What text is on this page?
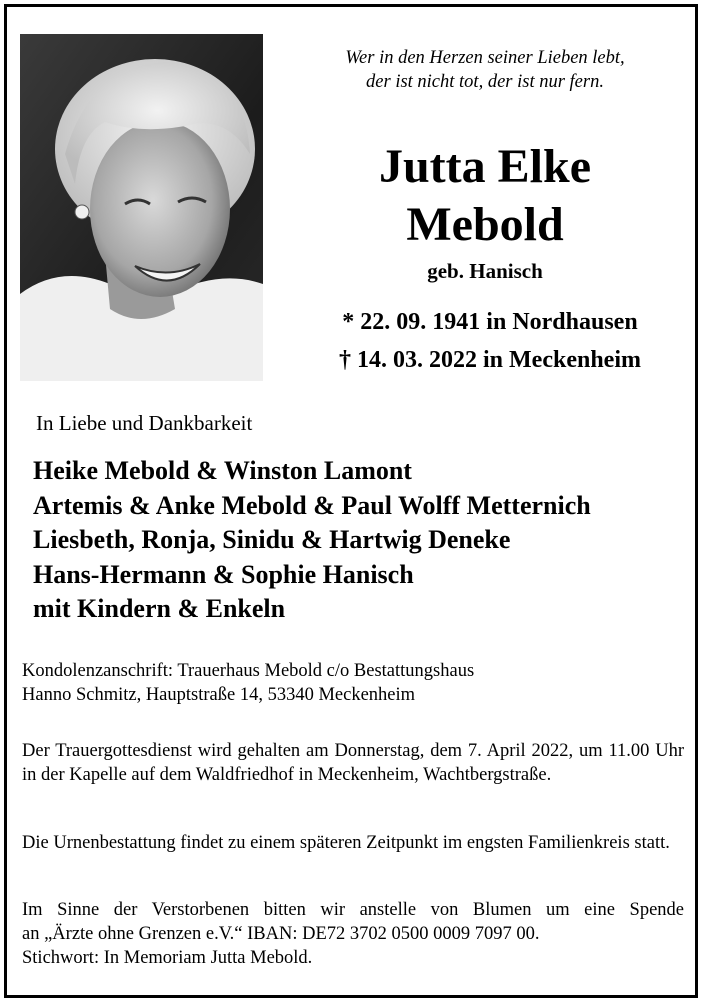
Wer in den Herzen seiner Lieben lebt,
der ist nicht tot, der ist nur fern.
Jutta Elke
Mebold
geb. Hanisch
* 22. 09. 1941 in Nordhausen
† 14. 03. 2022 in Meckenheim
In Liebe und Dankbarkeit
Heike Mebold & Winston Lamont
Artemis & Anke Mebold & Paul Wolff Metternich
Liesbeth, Ronja, Sinidu & Hartwig Deneke
Hans-Hermann & Sophie Hanisch
mit Kindern & Enkeln
Kondolenzanschrift: Trauerhaus Mebold c/o Bestattungshaus
Hanno Schmitz, Hauptstraße 14, 53340 Meckenheim
Der Trauergottesdienst wird gehalten am Donnerstag, dem 7. April 2022, um 11.00 Uhr in der Kapelle auf dem Waldfriedhof in Meckenheim, Wachtbergstraße.
Die Urnenbestattung findet zu einem späteren Zeitpunkt im engsten Familienkreis statt.
Im Sinne der Verstorbenen bitten wir anstelle von Blumen um eine Spende
an „Ärzte ohne Grenzen e.V.“ IBAN: DE72 3702 0500 0009 7097 00.
Stichwort: In Memoriam Jutta Mebold.
